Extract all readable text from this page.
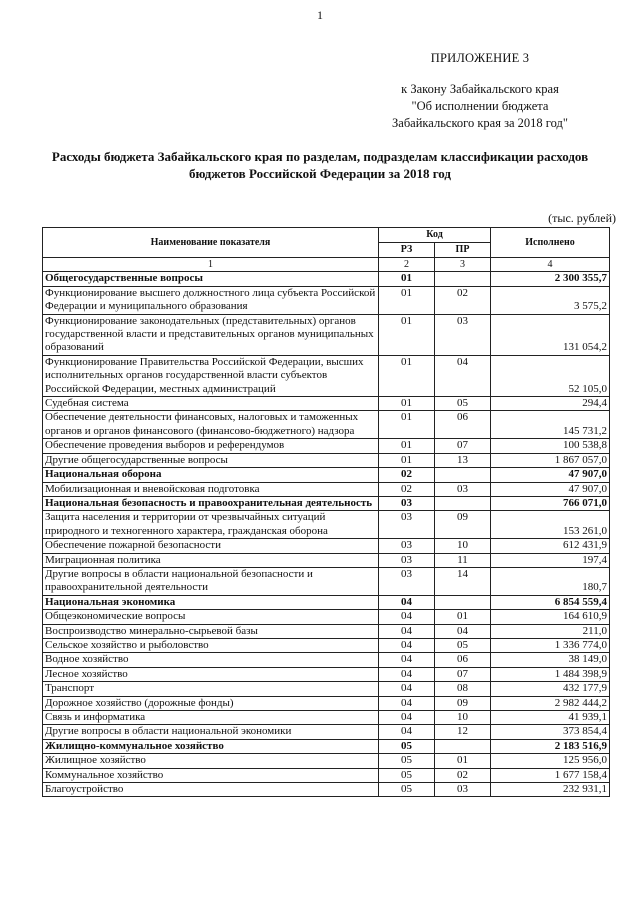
1
ПРИЛОЖЕНИЕ 3
к Закону Забайкальского края
"Об исполнении бюджета
Забайкальского края за 2018 год"
Расходы бюджета Забайкальского края по разделам, подразделам классификации расходов бюджетов Российской Федерации за 2018 год
(тыс. рублей)
Наименование показателя	Код		Исполнено
	РЗ	ПР	
1	2	3	4
Общегосударственные вопросы	01		2 300 355,7
Функционирование высшего должностного лица субъекта Российской Федерации и муниципального образования	01	02	3 575,2
Функционирование законодательных (представительных) органов государственной власти и представительных органов муниципальных образований	01	03	131 054,2
Функционирование Правительства Российской Федерации, высших исполнительных органов государственной власти субъектов Российской Федерации, местных администраций	01	04	52 105,0
Судебная система	01	05	294,4
Обеспечение деятельности финансовых, налоговых и таможенных органов и органов финансового (финансово-бюджетного) надзора	01	06	145 731,2
Обеспечение проведения выборов и референдумов	01	07	100 538,8
Другие общегосударственные вопросы	01	13	1 867 057,0
Национальная оборона	02		47 907,0
Мобилизационная и вневойсковая подготовка	02	03	47 907,0
Национальная безопасность и правоохранительная деятельность	03		766 071,0
Защита населения и территории от чрезвычайных ситуаций природного и техногенного характера, гражданская оборона	03	09	153 261,0
Обеспечение пожарной безопасности	03	10	612 431,9
Миграционная политика	03	11	197,4
Другие вопросы в области национальной безопасности и правоохранительной деятельности	03	14	180,7
Национальная экономика	04		6 854 559,4
Общеэкономические вопросы	04	01	164 610,9
Воспроизводство минерально-сырьевой базы	04	04	211,0
Сельское хозяйство и рыболовство	04	05	1 336 774,0
Водное хозяйство	04	06	38 149,0
Лесное хозяйство	04	07	1 484 398,9
Транспорт	04	08	432 177,9
Дорожное хозяйство (дорожные фонды)	04	09	2 982 444,2
Связь и информатика	04	10	41 939,1
Другие вопросы в области национальной экономики	04	12	373 854,4
Жилищно-коммунальное хозяйство	05		2 183 516,9
Жилищное хозяйство	05	01	125 956,0
Коммунальное хозяйство	05	02	1 677 158,4
Благоустройство	05	03	232 931,1
